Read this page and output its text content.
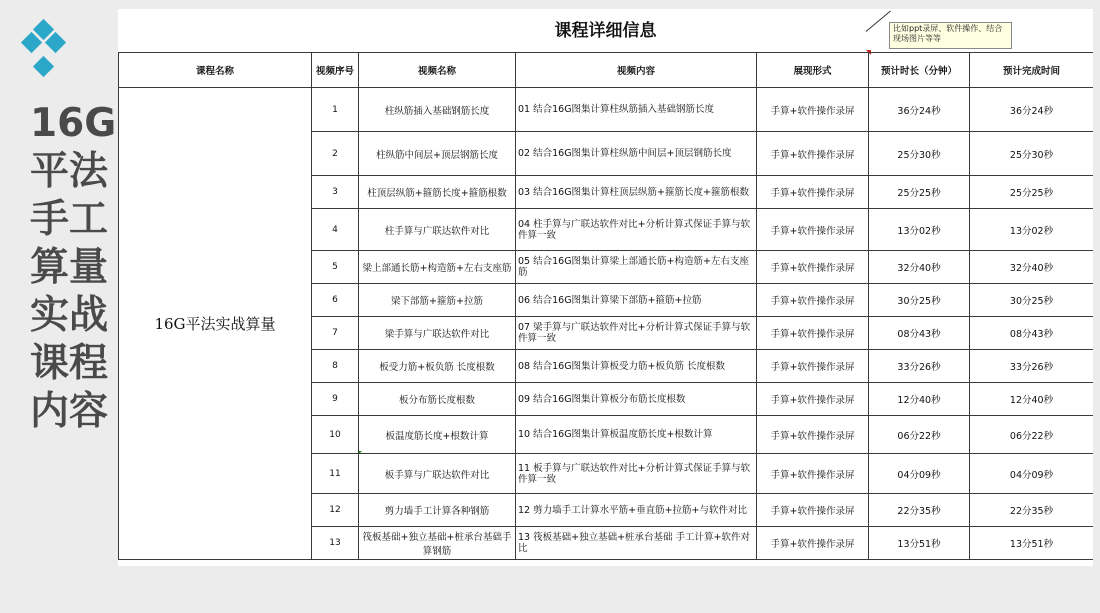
16G
平法
手工
算量
实战
课程
内容
课程详细信息	比如ppt录屏、软件操作、结合现场图片等等
课程名称	视频序号	视频名称	视频内容	展现形式	预计时长（分钟）	预计完成时间
16G平法实战算量	1	柱纵筋插入基础钢筋长度	01 结合16G图集计算柱纵筋插入基础钢筋长度	手算+软件操作录屏	36分24秒	36分24秒
	2	柱纵筋中间层+顶层钢筋长度	02 结合16G图集计算柱纵筋中间层+顶层钢筋长度	手算+软件操作录屏	25分30秒	25分30秒
	3	柱顶层纵筋+箍筋长度+箍筋根数	03 结合16G图集计算柱顶层纵筋+箍筋长度+箍筋根数	手算+软件操作录屏	25分25秒	25分25秒
	4	柱手算与广联达软件对比	04 柱手算与广联达软件对比+分析计算式保证手算与软件算一致	手算+软件操作录屏	13分02秒	13分02秒
	5	梁上部通长筋+构造筋+左右支座筋	05 结合16G图集计算梁上部通长筋+构造筋+左右支座筋	手算+软件操作录屏	32分40秒	32分40秒
	6	梁下部筋+箍筋+拉筋	06 结合16G图集计算梁下部筋+箍筋+拉筋	手算+软件操作录屏	30分25秒	30分25秒
	7	梁手算与广联达软件对比	07 梁手算与广联达软件对比+分析计算式保证手算与软件算一致	手算+软件操作录屏	08分43秒	08分43秒
	8	板受力筋+板负筋 长度根数	08 结合16G图集计算板受力筋+板负筋 长度根数	手算+软件操作录屏	33分26秒	33分26秒
	9	板分布筋长度根数	09 结合16G图集计算板分布筋长度根数	手算+软件操作录屏	12分40秒	12分40秒
	10	板温度筋长度+根数计算	10 结合16G图集计算板温度筋长度+根数计算	手算+软件操作录屏	06分22秒	06分22秒
	11	板手算与广联达软件对比	11 板手算与广联达软件对比+分析计算式保证手算与软件算一致	手算+软件操作录屏	04分09秒	04分09秒
	12	剪力墙手工计算各种钢筋	12 剪力墙手工计算水平筋+垂直筋+拉筋+与软件对比	手算+软件操作录屏	22分35秒	22分35秒
	13	筏板基础+独立基础+桩承台基础手算钢筋	13 筏板基础+独立基础+桩承台基础 手工计算+软件对比	手算+软件操作录屏	13分51秒	13分51秒
